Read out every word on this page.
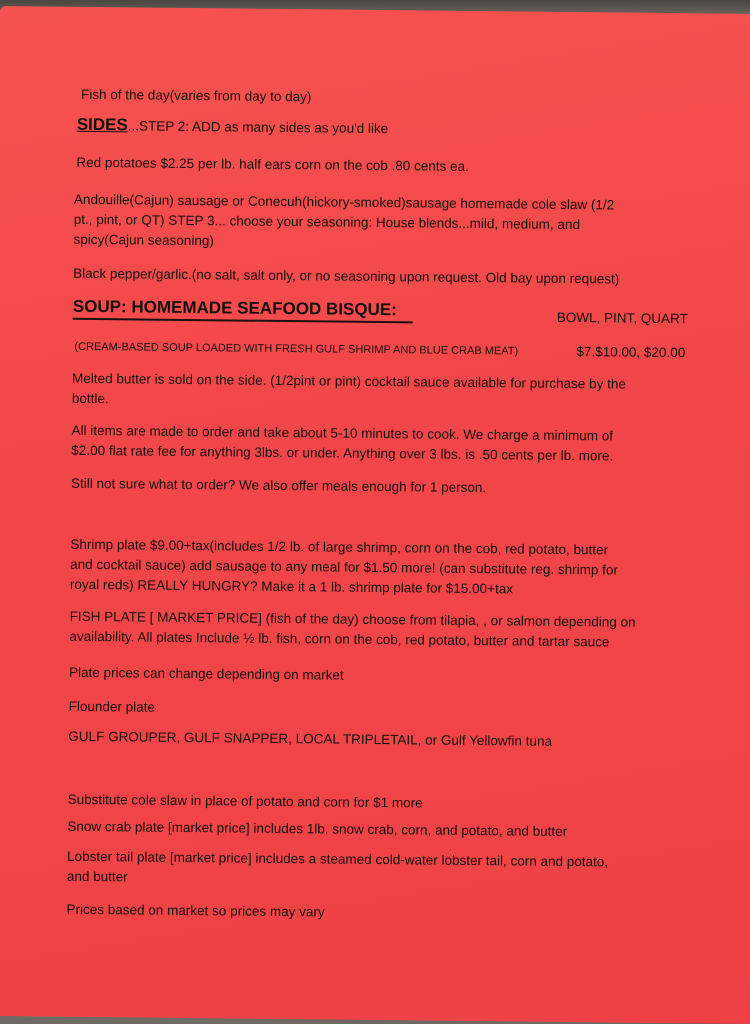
Fish of the day(varies from day to day)
SIDES...STEP 2: ADD as many sides as you'd like
Red potatoes $2.25 per lb. half ears corn on the cob .80 cents ea.
Andouille(Cajun) sausage or Conecuh(hickory-smoked)sausage homemade cole slaw (1/2
pt., pint, or QT) STEP 3... choose your seasoning: House blends...mild, medium, and
spicy(Cajun seasoning)
Black pepper/garlic.(no salt, salt only, or no seasoning upon request. Old bay upon request)
SOUP: HOMEMADE SEAFOOD BISQUE:	BOWL, PINT, QUART
(CREAM-BASED SOUP LOADED WITH FRESH GULF SHRIMP AND BLUE CRAB MEAT)	$7.$10.00, $20.00
Melted butter is sold on the side. (1/2pint or pint) cocktail sauce available for purchase by the
bottle.
All items are made to order and take about 5-10 minutes to cook. We charge a minimum of
$2.00 flat rate fee for anything 3lbs. or under. Anything over 3 lbs. is .50 cents per lb. more.
Still not sure what to order? We also offer meals enough for 1 person.
Shrimp plate $9.00+tax(includes 1/2 lb. of large shrimp, corn on the cob, red potato, butter
and cocktail sauce) add sausage to any meal for $1.50 more! (can substitute reg. shrimp for
royal reds) REALLY HUNGRY? Make it a 1 lb. shrimp plate for $15.00+tax
FISH PLATE [ MARKET PRICE] (fish of the day) choose from tilapia, , or salmon depending on
availability. All plates Include ½ lb. fish, corn on the cob, red potato, butter and tartar sauce
Plate prices can change depending on market
Flounder plate
GULF GROUPER, GULF SNAPPER, LOCAL TRIPLETAIL, or Gulf Yellowfin tuna
Substitute cole slaw in place of potato and corn for $1 more
Snow crab plate [market price] includes 1lb. snow crab, corn, and potato, and butter
Lobster tail plate [market price] includes a steamed cold-water lobster tail, corn and potato,
and butter
Prices based on market so prices may vary
